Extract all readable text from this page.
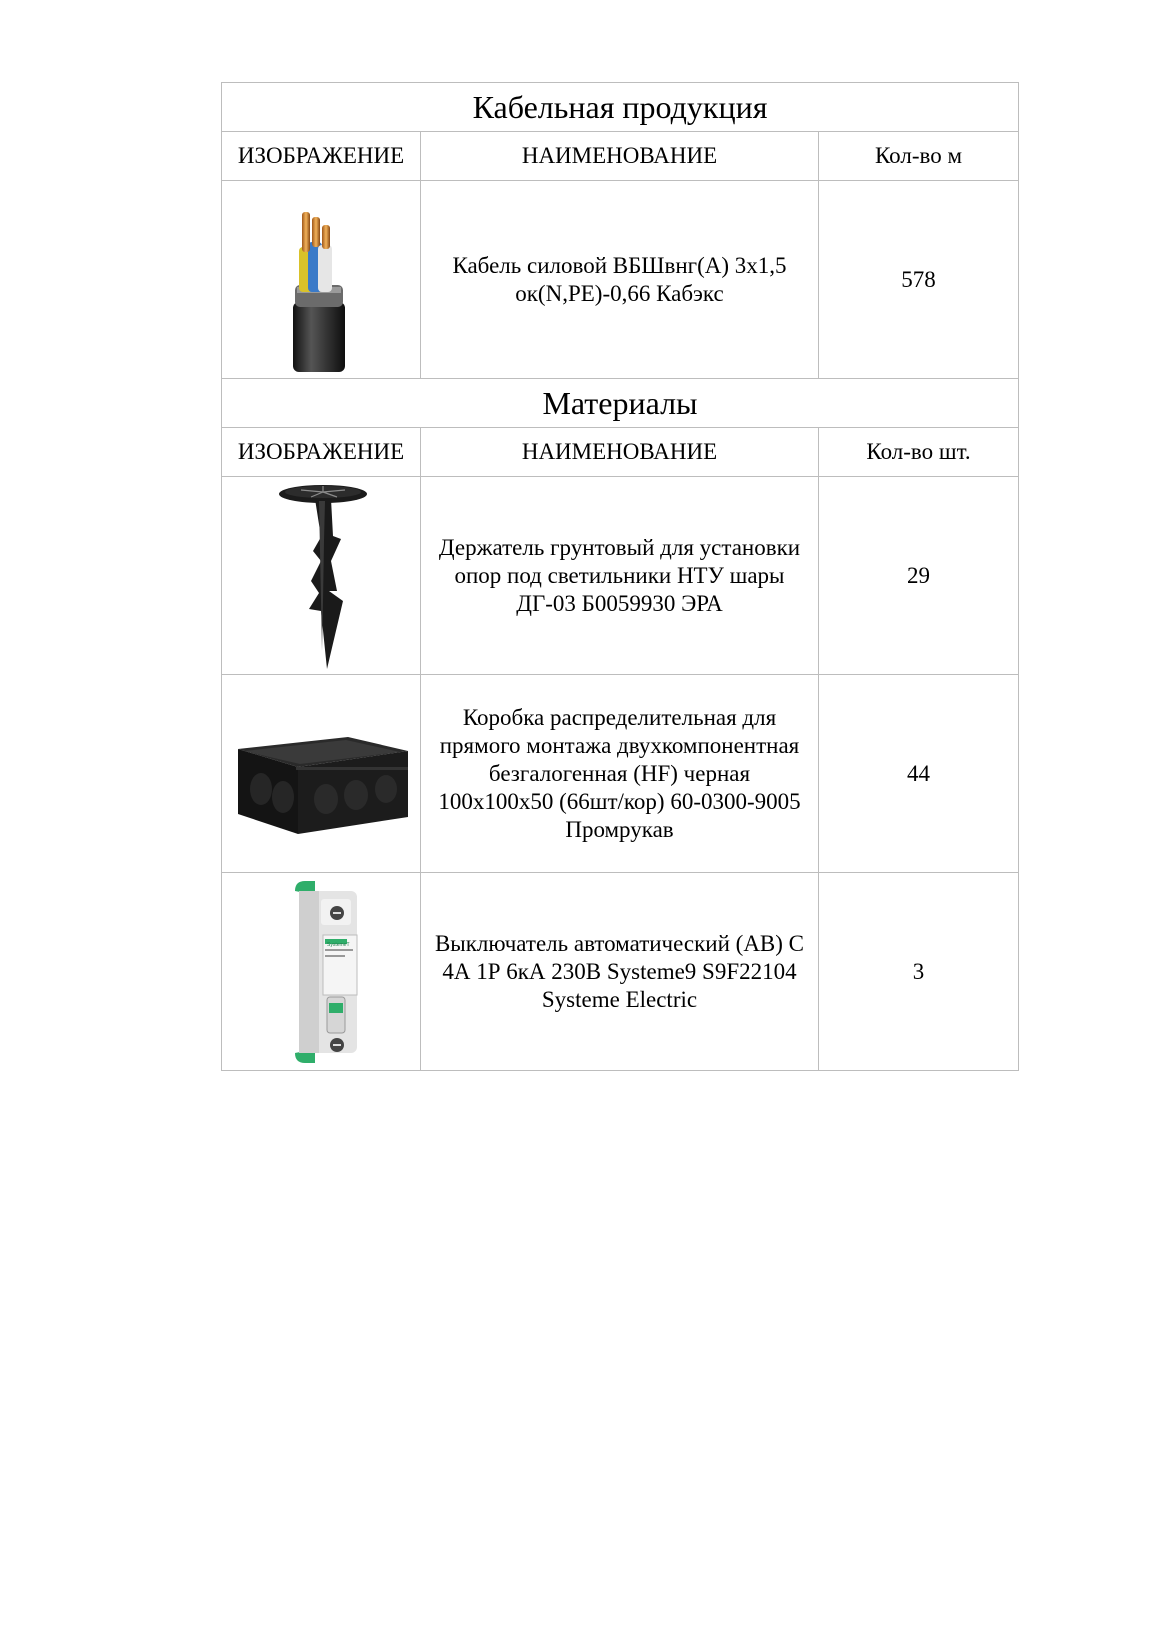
Кабельная продукция		
ИЗОБРАЖЕНИЕ	НАИМЕНОВАНИЕ	Кол-во м

	Кабель силовой ВБШвнг(А) 3х1,5 ок(N,PE)-0,66 Кабэкс	578
Материалы		
ИЗОБРАЖЕНИЕ	НАИМЕНОВАНИЕ	Кол-во шт.

	Держатель грунтовый для установки опор под светильники НТУ шары ДГ-03 Б0059930 ЭРА	29

	Коробка распределительная для прямого монтажа двухкомпонентная безгалогенная (HF) черная 100х100х50 (66шт/кор) 60-0300-9005 Промрукав	44

SystemeT	Выключатель автоматический (АВ) С 4А 1Р 6кА 230В Systeme9 S9F22104 Systeme Electric	3
